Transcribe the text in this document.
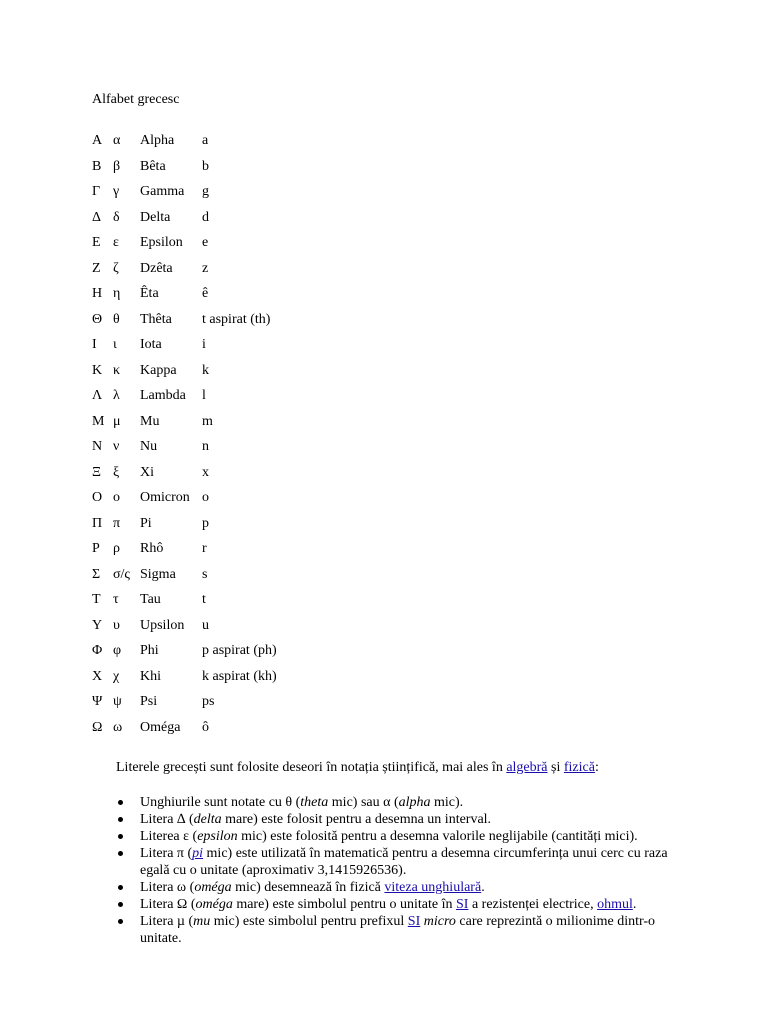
Alfabet grecesc
Α α Alpha a
Β β Bêta	b
Γ γ Gamma g
Δ δ Delta d
Ε ε Epsilon e
Ζ ζ Dzêta z
Η η Êta	ê
Θ θ Thêta t aspirat (th)
Ι ι Iota	i
Κ κ Kappa k
Λ λ Lambda l
Μ μ Mu	m
Ν ν Nu	n
Ξ ξ Xi	x
Ο ο Omicron o
Π π Pi	p
Ρ ρ Rhô	r
Σ σ/ς Sigma s
Τ τ Tau	t
Υ υ Upsilon u
Φ φ Phi	p aspirat (ph)
Χ χ Khi	k aspirat (kh)
Ψ ψ Psi	ps
Ω ω Oméga ô
Literele grecești sunt folosite deseori în notația științifică, mai ales în algebră și fizică:
Unghiurile sunt notate cu θ (theta mic) sau α (alpha mic).
Litera ∆ (delta mare) este folosit pentru a desemna un interval.
Literea ε (epsilon mic) este folosită pentru a desemna valorile neglijabile (cantități mici).
Litera π (pi mic) este utilizată în matematică pentru a desemna circumferința unui cerc cu raza egală cu o unitate (aproximativ 3,1415926536).
Litera ω (oméga mic) desemnează în fizică viteza unghiulară.
Litera Ω (oméga mare) este simbolul pentru o unitate în SI a rezistenței electrice, ohmul.
Litera µ (mu mic) este simbolul pentru prefixul SI micro care reprezintă o milionime dintr-o unitate.
